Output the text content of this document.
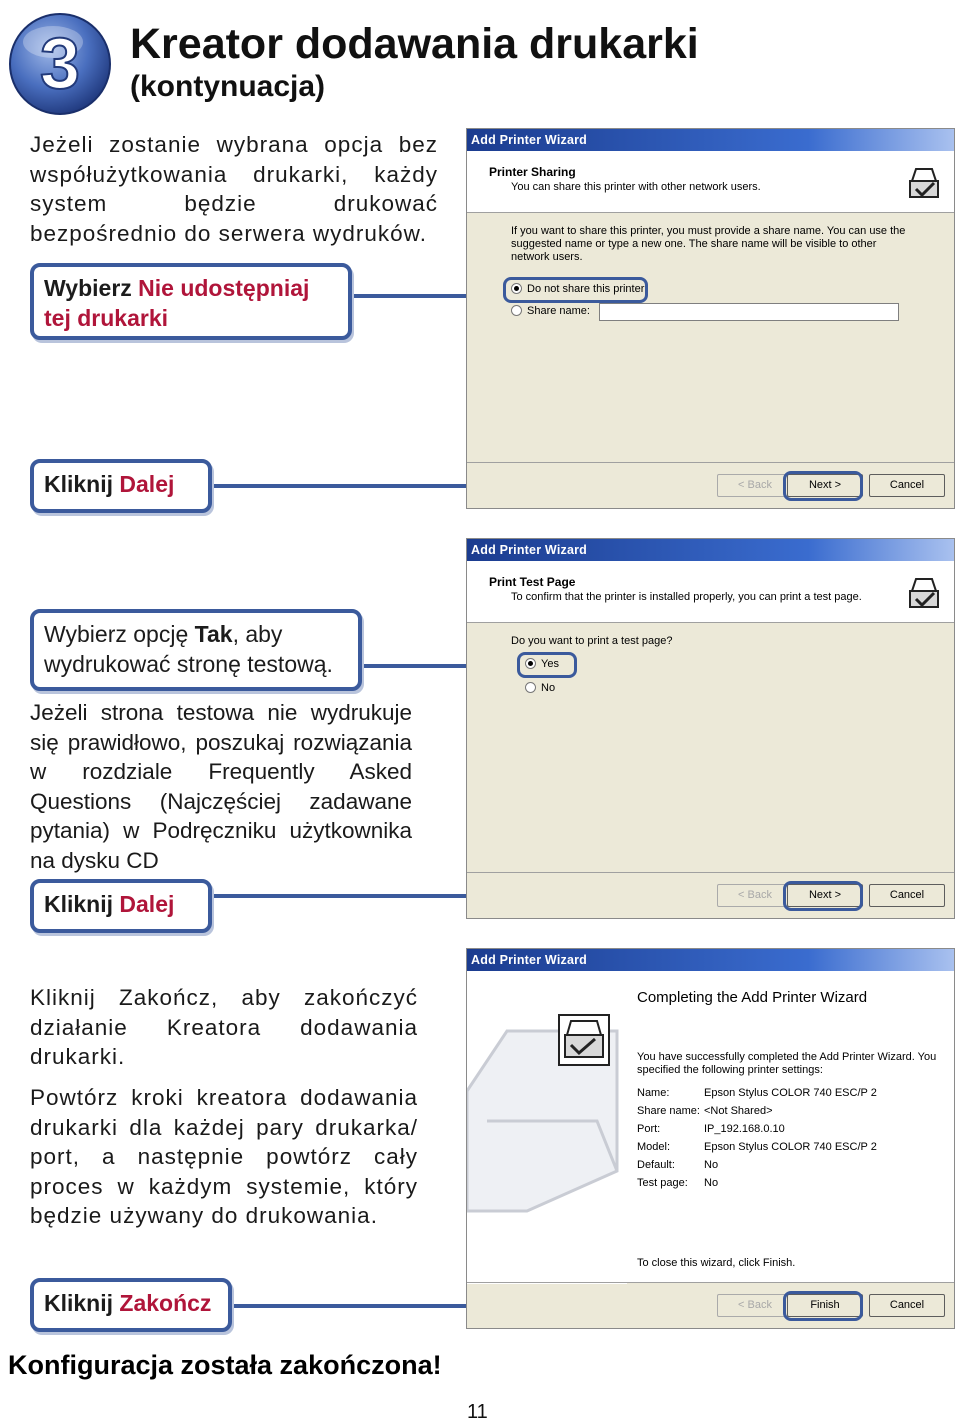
3 Kreator dodawania drukarki
(kontynuacja)
Jeżeli zostanie wybrana opcja bez współużytkowania drukarki, każdy system będzie drukować bezpośrednio do serwera wydruków.
Wybierz Nie udostępniaj tej drukarki
Kliknij Dalej
Add Printer Wizard
Printer Sharing
You can share this printer with other network users.
If you want to share this printer, you must provide a share name. You can use the suggested name or type a new one. The share name will be visible to other network users.
Do not share this printer
Share name:
< Back	Next >	Cancel
Wybierz opcję Tak, aby wydrukować stronę testową.
Jeżeli strona testowa nie wydrukuje się prawidłowo, poszukaj rozwiązania w rozdziale Frequently Asked Questions (Najczęściej zadawane pytania) w Podręczniku użytkownika na dysku CD
Kliknij Dalej
Add Printer Wizard
Print Test Page
To confirm that the printer is installed properly, you can print a test page.
Do you want to print a test page?
Yes
No
< Back	Next >	Cancel
Kliknij Zakończ, aby zakończyć działanie Kreatora dodawania drukarki.
Powtórz kroki kreatora dodawania drukarki dla każdej pary drukarka/ port, a następnie powtórz cały proces w każdym systemie, który będzie używany do drukowania.
Kliknij Zakończ
Add Printer Wizard
Completing the Add Printer Wizard
You have successfully completed the Add Printer Wizard. You specified the following printer settings:
Name:	Epson Stylus COLOR 740 ESC/P 2
Share name: <Not Shared>
Port:	IP_192.168.0.10
Model:	Epson Stylus COLOR 740 ESC/P 2
Default:	No
Test page: No
To close this wizard, click Finish.
< Back	Finish	Cancel
Konfiguracja została zakończona!
11
